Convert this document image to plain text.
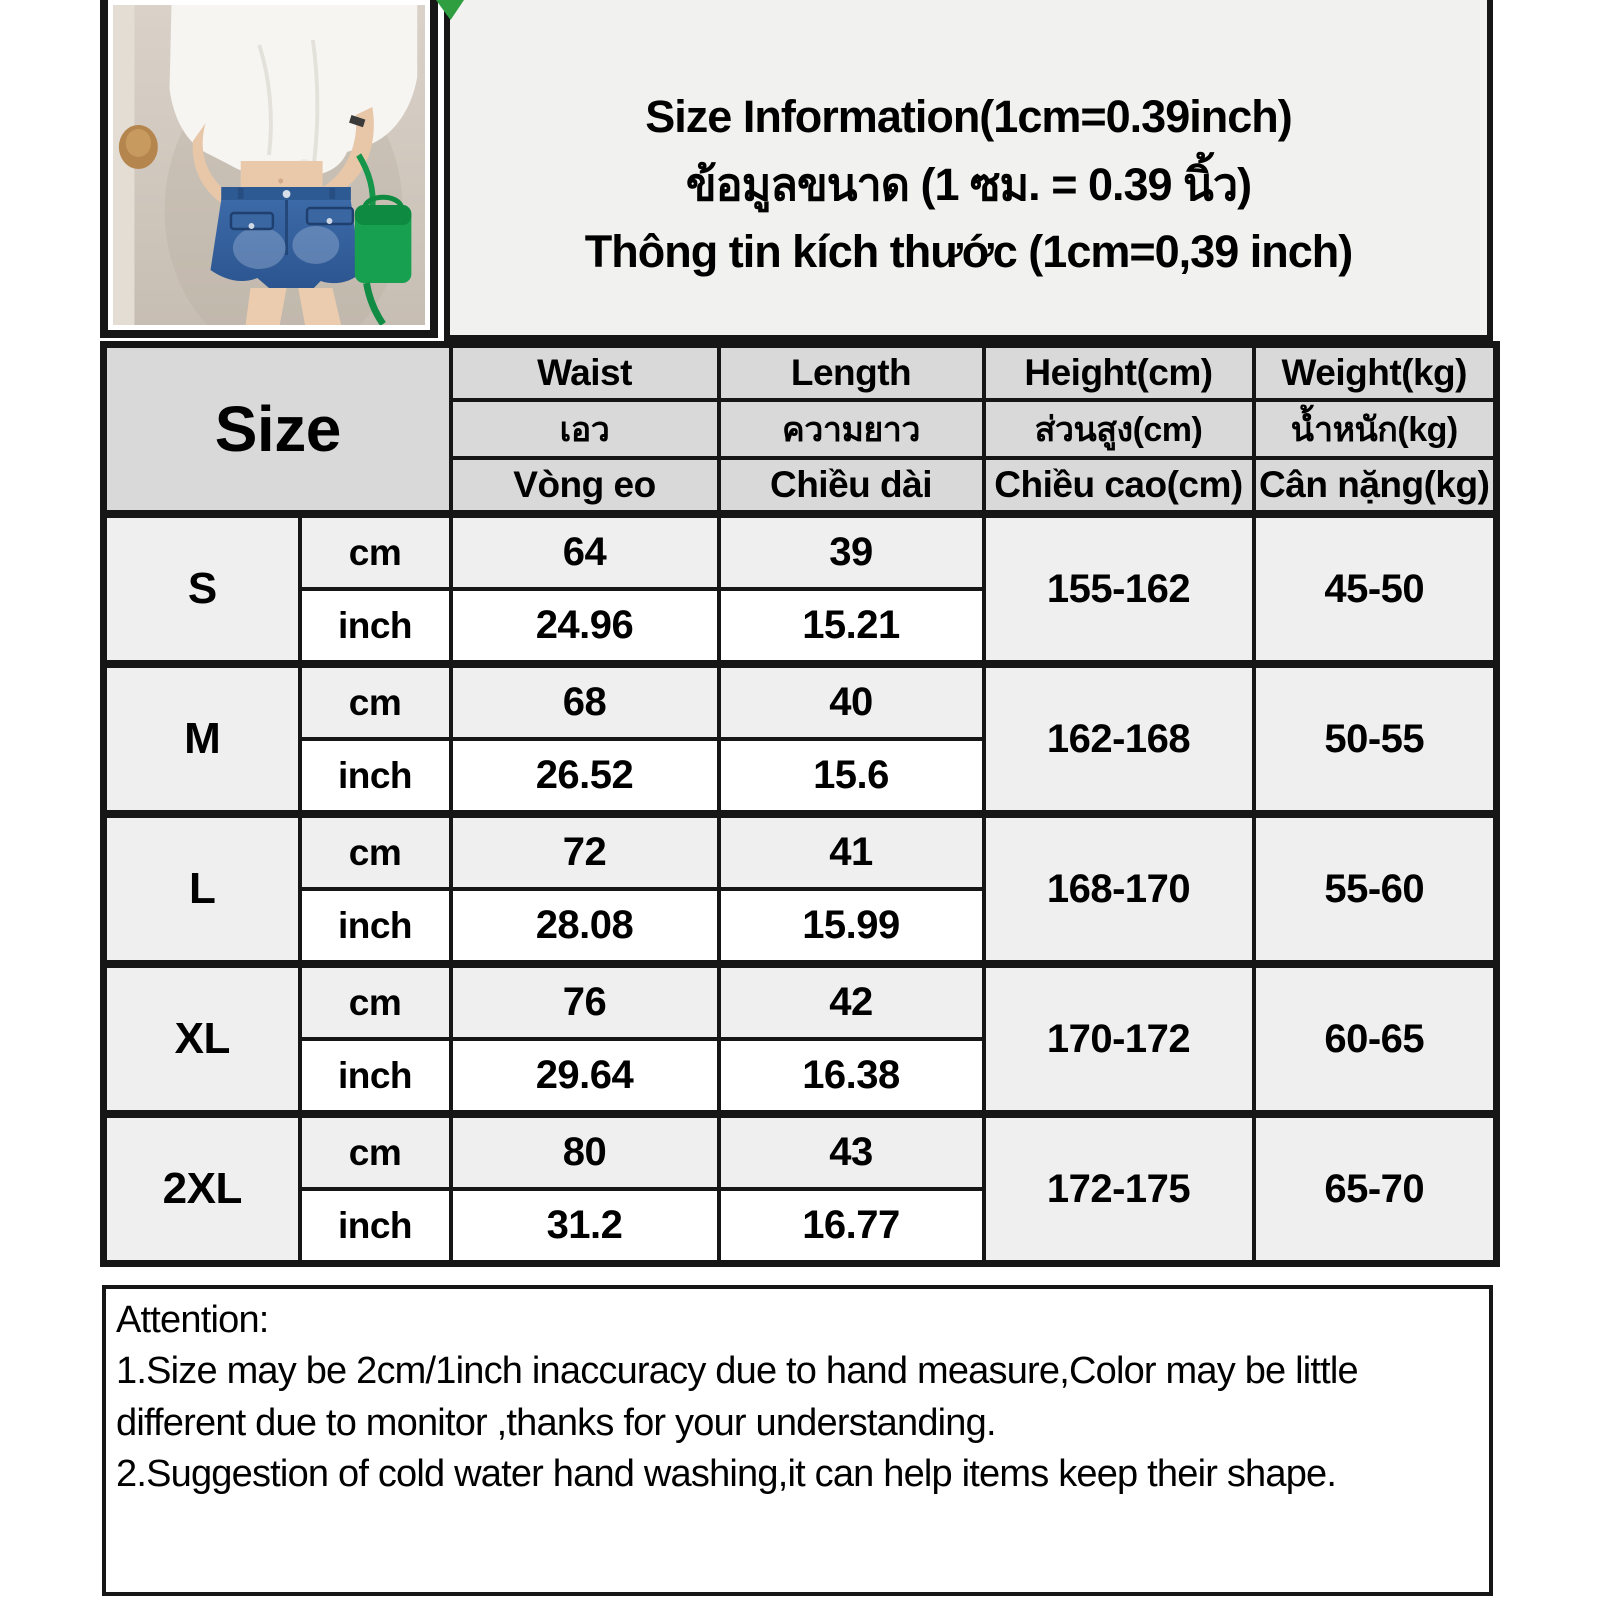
Size Information(1cm=0.39inch)
ข้อมูลขนาด (1 ซม. = 0.39 นิ้ว)
Thông tin kích thước (1cm=0,39 inch)
Size		Waist	Length	Height(cm)	Weight(kg)
		เอว	ความยาว	ส่วนสูง(cm)	น้ำหนัก(kg)
		Vòng eo	Chiều dài	Chiều cao(cm)	Cân nặng(kg)
S	cm	64	39	155-162	45-50
	inch	24.96	15.21		
M	cm	68	40	162-168	50-55
	inch	26.52	15.6		
L	cm	72	41	168-170	55-60
	inch	28.08	15.99		
XL	cm	76	42	170-172	60-65
	inch	29.64	16.38		
2XL	cm	80	43	172-175	65-70
	inch	31.2	16.77		
Attention:
1.Size may be 2cm/1inch inaccuracy due to hand measure,Color may be little different due to monitor ,thanks for your understanding.
2.Suggestion of cold water hand washing,it can help items keep their shape.
